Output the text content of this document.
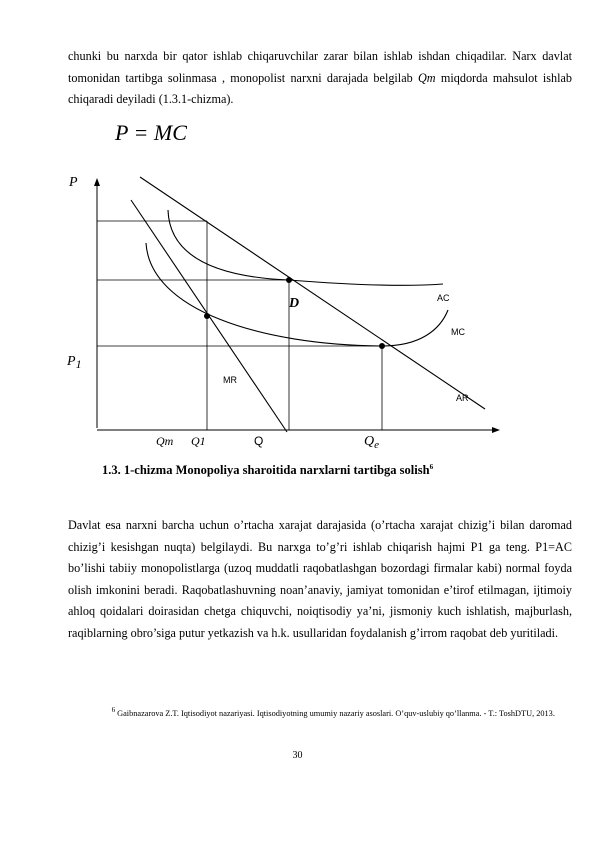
chunki bu narxda bir qator ishlab chiqaruvchilar zarar bilan ishlab ishdan chiqadilar. Narx davlat tomonidan tartibga solinmasa , monopolist narxni darajada belgilab Qm miqdorda mahsulot ishlab chiqaradi deyiladi (1.3.1-chizma).

P = MC
P
P1
D	AC
MC
MR
AR
Qm Q1	Q	$Q_e$
1.3. 1-chizma Monopoliya sharoitida narxlarni tartibga solish$^6$

Davlat esa narxni barcha uchun o’rtacha xarajat darajasida (o’rtacha xarajat chizig’i bilan daromad chizig’i kesishgan nuqta) belgilaydi. Bu narxga to’g’ri ishlab chiqarish hajmi P1 ga teng. P1=AC bo’lishi tabiiy monopolistlarga (uzoq muddatli raqobatlashgan bozordagi firmalar kabi) normal foyda olish imkonini beradi. Raqobatlashuvning noan’anaviy, jamiyat tomonidan e’tirof etilmagan, ijtimoiy ahloq qoidalari doirasidan chetga chiquvchi, noiqtisodiy ya’ni, jismoniy kuch ishlatish, majburlash, raqiblarning obro’siga putur yetkazish va h.k. usullaridan foydalanish g’irrom raqobat deb yuritiladi.

$^6$ Gaibnazarova Z.T. Iqtisodiyot nazariyasi. Iqtisodiyotning umumiy nazariy asoslari. O’quv-uslubiy qo’llanma. - T.: ToshDTU, 2013.
30
